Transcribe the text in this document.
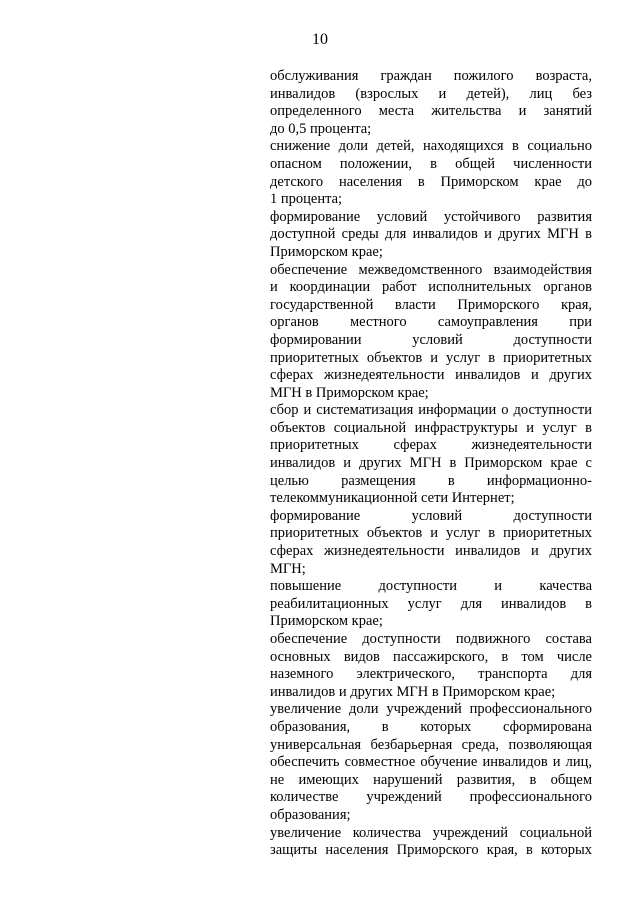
10
обслуживания граждан пожилого возраста,
инвалидов (взрослых и детей), лиц без
определенного места жительства и занятий
до 0,5 процента;
снижение доли детей, находящихся в социально
опасном положении, в общей численности
детского населения в Приморском крае до
1 процента;
формирование условий устойчивого развития
доступной среды для инвалидов и других МГН в
Приморском крае;
обеспечение межведомственного взаимодействия
и координации работ исполнительных органов
государственной власти Приморского края,
органов местного самоуправления при
формировании условий доступности
приоритетных объектов и услуг в приоритетных
сферах жизнедеятельности инвалидов и других
МГН в Приморском крае;
сбор и систематизация информации о доступности
объектов социальной инфраструктуры и услуг в
приоритетных сферах жизнедеятельности
инвалидов и других МГН в Приморском крае с
целью размещения в информационно-
телекоммуникационной сети Интернет;
формирование условий доступности
приоритетных объектов и услуг в приоритетных
сферах жизнедеятельности инвалидов и других
МГН;
повышение доступности и качества
реабилитационных услуг для инвалидов в
Приморском крае;
обеспечение доступности подвижного состава
основных видов пассажирского, в том числе
наземного электрического, транспорта для
инвалидов и других МГН в Приморском крае;
увеличение доли учреждений профессионального
образования, в которых сформирована
универсальная безбарьерная среда, позволяющая
обеспечить совместное обучение инвалидов и лиц,
не имеющих нарушений развития, в общем
количестве учреждений профессионального
образования;
увеличение количества учреждений социальной
защиты населения Приморского края, в которых
